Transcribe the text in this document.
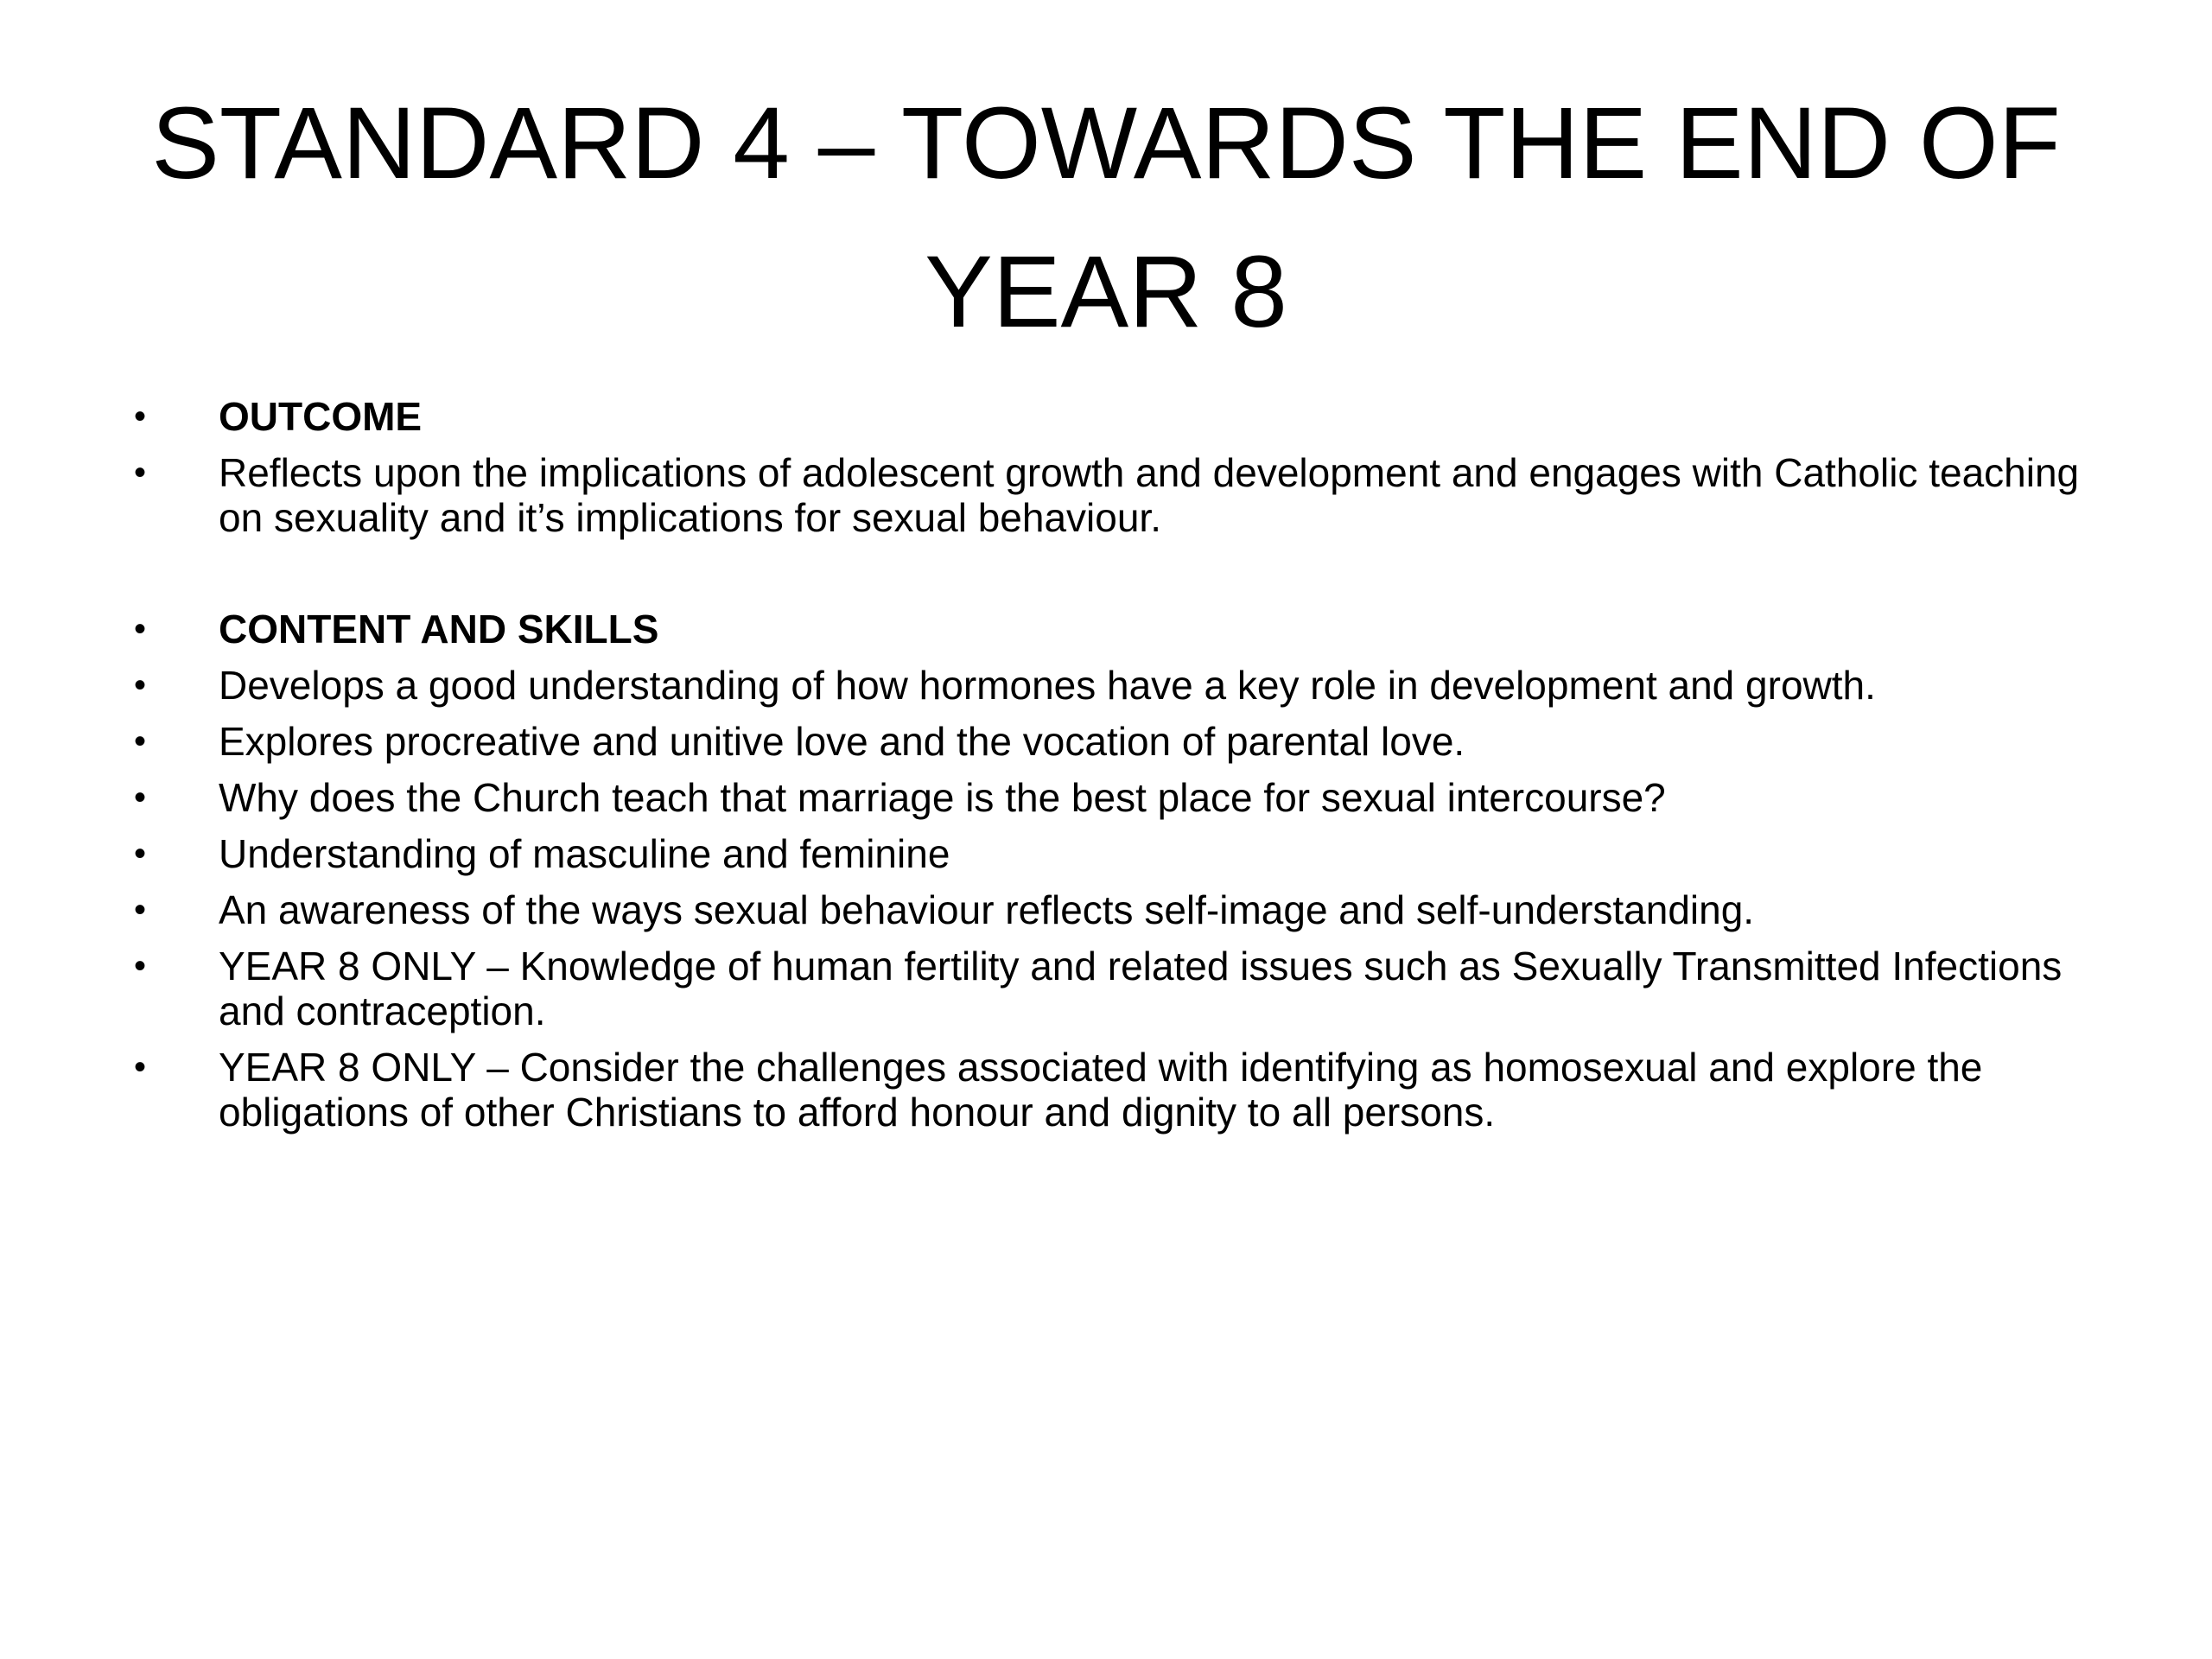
STANDARD 4 – TOWARDS THE END OF YEAR 8
• OUTCOME
• Reflects upon the implications of adolescent growth and development and engages with Catholic teaching on sexuality and it’s implications for sexual behaviour.
• CONTENT AND SKILLS
• Develops a good understanding of how hormones have a key role in development and growth.
• Explores procreative and unitive love and the vocation of parental love.
• Why does the Church teach that marriage is the best place for sexual intercourse?
• Understanding of masculine and feminine
• An awareness of the ways sexual behaviour reflects self-image and self-understanding.
• YEAR 8 ONLY – Knowledge of human fertility and related issues such as Sexually Transmitted Infections and contraception.
• YEAR 8 ONLY – Consider the challenges associated with identifying as homosexual and explore the obligations of other Christians to afford honour and dignity to all persons.
